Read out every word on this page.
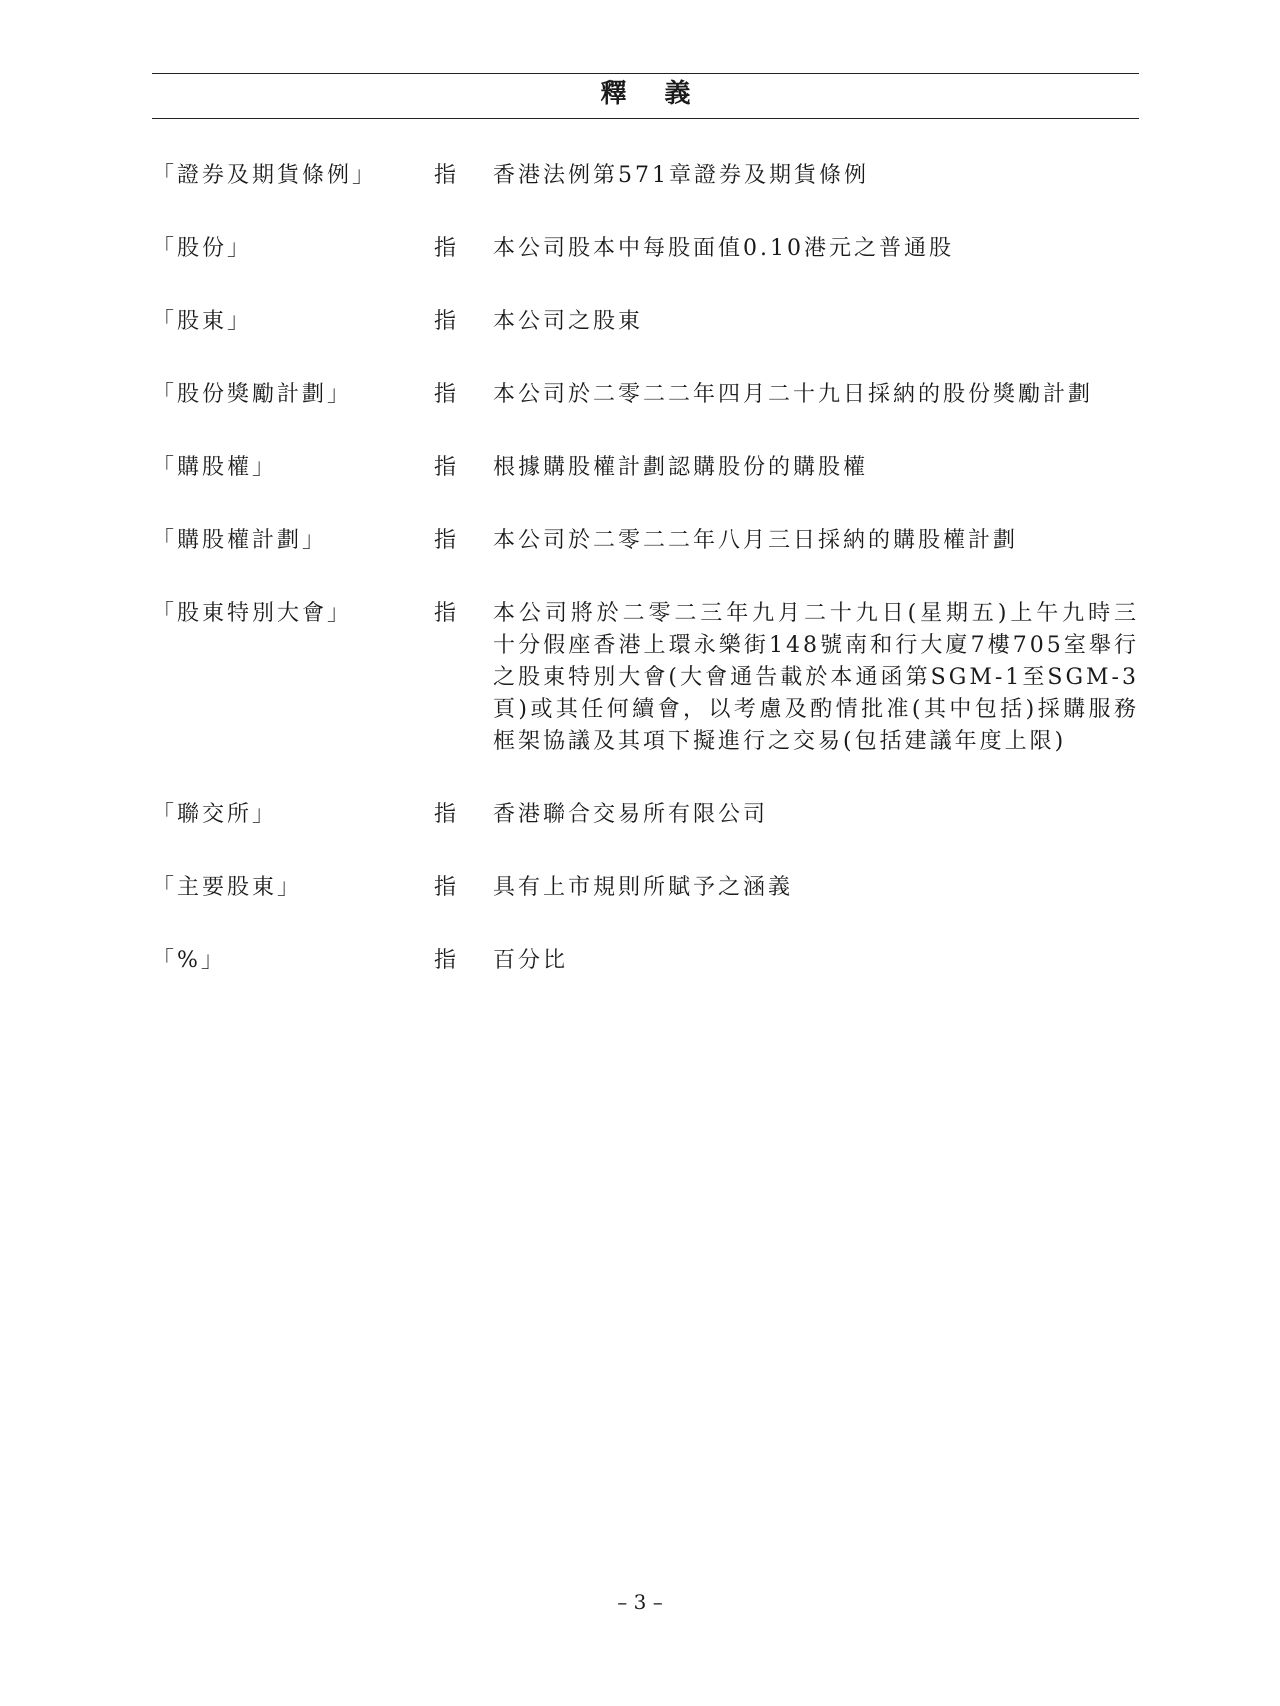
釋義
「證券及期貨條例」	指	香港法例第571章證券及期貨條例
「股份」	指	本公司股本中每股面值0.10港元之普通股
「股東」	指	本公司之股東
「股份獎勵計劃」	指	本公司於二零二二年四月二十九日採納的股份獎勵計劃
「購股權」	指	根據購股權計劃認購股份的購股權
「購股權計劃」	指	本公司於二零二二年八月三日採納的購股權計劃
「股東特別大會」	指	本公司將於二零二三年九月二十九日(星期五)上午九時三十分假座香港上環永樂街148號南和行大廈7樓705室舉行之股東特別大會(大會通告載於本通函第SGM-1至SGM-3頁)或其任何續會，以考慮及酌情批准(其中包括)採購服務框架協議及其項下擬進行之交易(包括建議年度上限)
「聯交所」	指	香港聯合交易所有限公司
「主要股東」	指	具有上市規則所賦予之涵義
「%」	指	百分比
– 3 –
